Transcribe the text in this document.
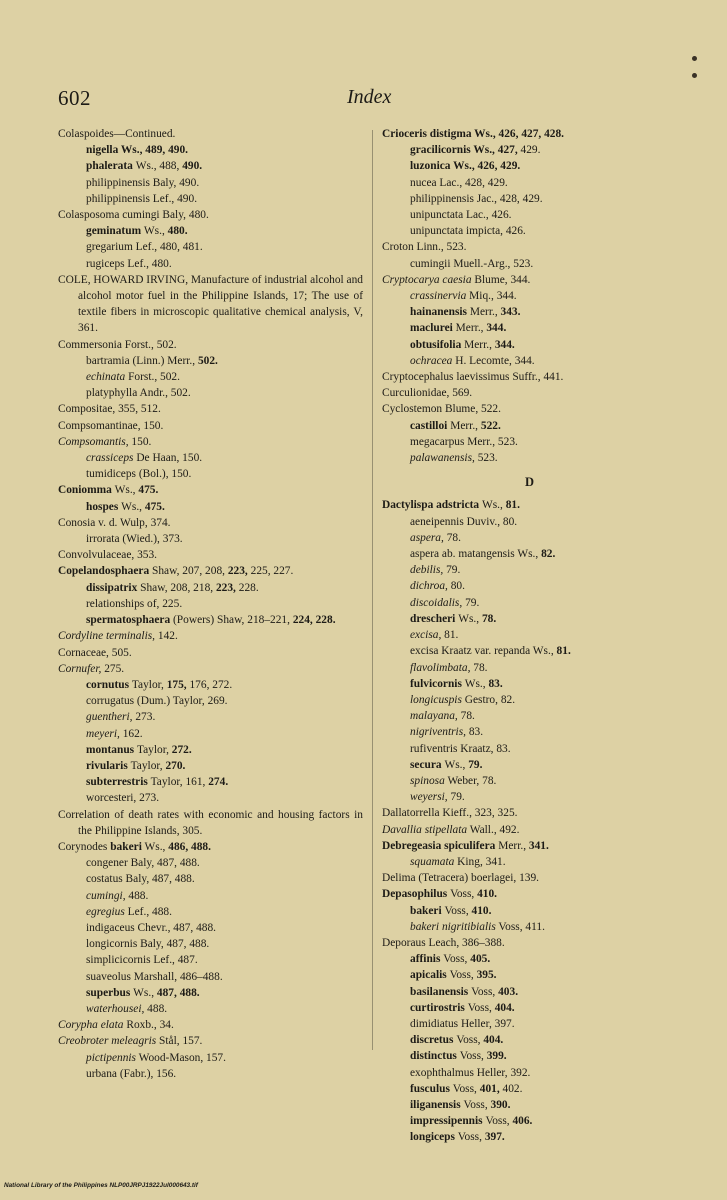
602	Index
Colaspoides—Continued.
nigella Ws., 489, 490.
phalerata Ws., 488, 490.
philippinensis Baly, 490.
philippinensis Lef., 490.
Colasposoma cumingi Baly, 480.
geminatum Ws., 480.
gregarium Lef., 480, 481.
rugiceps Lef., 480.
COLE, HOWARD IRVING, Manufacture of industrial alcohol and alcohol motor fuel in the Philippine Islands, 17; The use of textile fibers in microscopic qualitative chemical analysis, V, 361.
Commersonia Forst., 502.
bartramia (Linn.) Merr., 502.
echinata Forst., 502.
platyphylla Andr., 502.
Compositae, 355, 512.
Compsomantinae, 150.
Compsomantis, 150.
crassiceps De Haan, 150.
tumidiceps (Bol.), 150.
Coniomma Ws., 475.
hospes Ws., 475.
Conosia v. d. Wulp, 374.
irrorata (Wied.), 373.
Convolvulaceae, 353.
Copelandosphaera Shaw, 207, 208, 223, 225, 227.
dissipatrix Shaw, 208, 218, 223, 228.
relationships of, 225.
spermatosphaera (Powers) Shaw, 218–221, 224, 228.
Cordyline terminalis, 142.
Cornaceae, 505.
Cornufer, 275.
cornutus Taylor, 175, 176, 272.
corrugatus (Dum.) Taylor, 269.
guentheri, 273.
meyeri, 162.
montanus Taylor, 272.
rivularis Taylor, 270.
subterrestris Taylor, 161, 274.
worcesteri, 273.
Correlation of death rates with economic and housing factors in the Philippine Islands, 305.
Corynodes bakeri Ws., 486, 488.
congener Baly, 487, 488.
costatus Baly, 487, 488.
cumingi, 488.
egregius Lef., 488.
indigaceus Chevr., 487, 488.
longicornis Baly, 487, 488.
simplicicornis Lef., 487.
suaveolus Marshall, 486–488.
superbus Ws., 487, 488.
waterhousei, 488.
Corypha elata Roxb., 34.
Creobroter meleagris Stål, 157.
pictipennis Wood-Mason, 157.
urbana (Fabr.), 156.
Crioceris distigma Ws., 426, 427, 428.
gracilicornis Ws., 427, 429.
luzonica Ws., 426, 429.
nucea Lac., 428, 429.
philippinensis Jac., 428, 429.
unipunctata Lac., 426.
unipunctata impicta, 426.
Croton Linn., 523.
cumingii Muell.-Arg., 523.
Cryptocarya caesia Blume, 344.
crassinervia Miq., 344.
hainanensis Merr., 343.
maclurei Merr., 344.
obtusifolia Merr., 344.
ochracea H. Lecomte, 344.
Cryptocephalus laevissimus Suffr., 441.
Curculionidae, 569.
Cyclostemon Blume, 522.
castilloi Merr., 522.
megacarpus Merr., 523.
palawanensis, 523.
D
Dactylispa adstricta Ws., 81.
aeneipennis Duviv., 80.
aspera, 78.
aspera ab. matangensis Ws., 82.
debilis, 79.
dichroa, 80.
discoidalis, 79.
drescheri Ws., 78.
excisa, 81.
excisa Kraatz var. repanda Ws., 81.
flavolimbata, 78.
fulvicornis Ws., 83.
longicuspis Gestro, 82.
malayana, 78.
nigriventris, 83.
rufiventris Kraatz, 83.
secura Ws., 79.
spinosa Weber, 78.
weyersi, 79.
Dallatorrella Kieff., 323, 325.
Davallia stipellata Wall., 492.
Debregeasia spiculifera Merr., 341.
squamata King, 341.
Delima (Tetracera) boerlagei, 139.
Depasophilus Voss, 410.
bakeri Voss, 410.
bakeri nigritibialis Voss, 411.
Deporaus Leach, 386–388.
affinis Voss, 405.
apicalis Voss, 395.
basilanensis Voss, 403.
curtirostris Voss, 404.
dimidiatus Heller, 397.
discretus Voss, 404.
distinctus Voss, 399.
exophthalmus Heller, 392.
fusculus Voss, 401, 402.
iliganensis Voss, 390.
impressipennis Voss, 406.
longiceps Voss, 397.
National Library of the Philippines NLP00JRPJ1922Jul000643.tif
